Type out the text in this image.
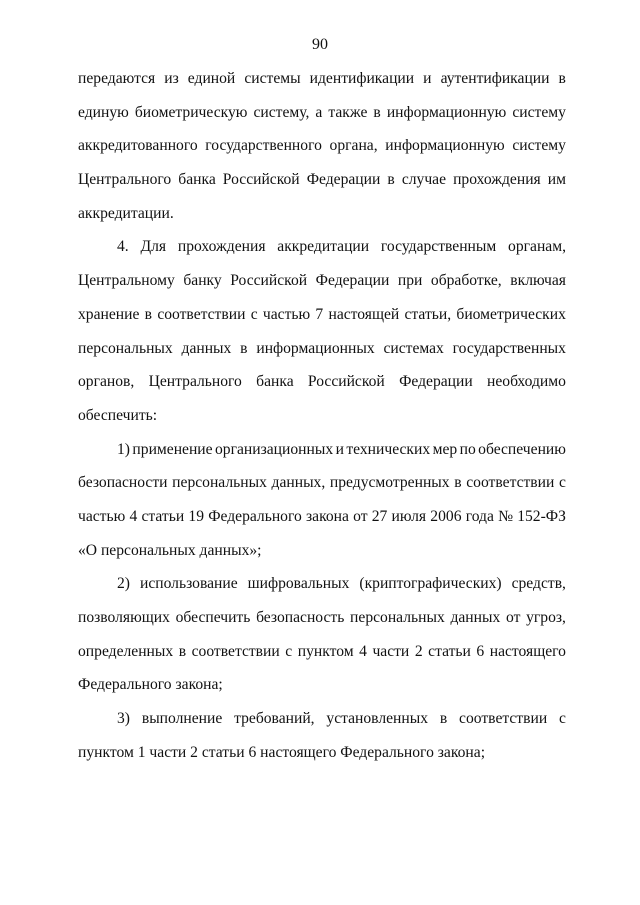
90
передаются из единой системы идентификации и аутентификации в
единую биометрическую систему, а также в информационную систему
аккредитованного государственного органа, информационную систему
Центрального банка Российской Федерации в случае прохождения им
аккредитации.
4. Для прохождения аккредитации государственным органам,
Центральному банку Российской Федерации при обработке, включая
хранение в соответствии с частью 7 настоящей статьи, биометрических
персональных данных в информационных системах государственных
органов, Центрального банка Российской Федерации необходимо
обеспечить:
1) применение организационных и технических мер по обеспечению
безопасности персональных данных, предусмотренных в соответствии с
частью 4 статьи 19 Федерального закона от 27 июля 2006 года № 152-ФЗ
«О персональных данных»;
2) использование шифровальных (криптографических) средств,
позволяющих обеспечить безопасность персональных данных от угроз,
определенных в соответствии с пунктом 4 части 2 статьи 6 настоящего
Федерального закона;
3) выполнение требований, установленных в соответствии с
пунктом 1 части 2 статьи 6 настоящего Федерального закона;
